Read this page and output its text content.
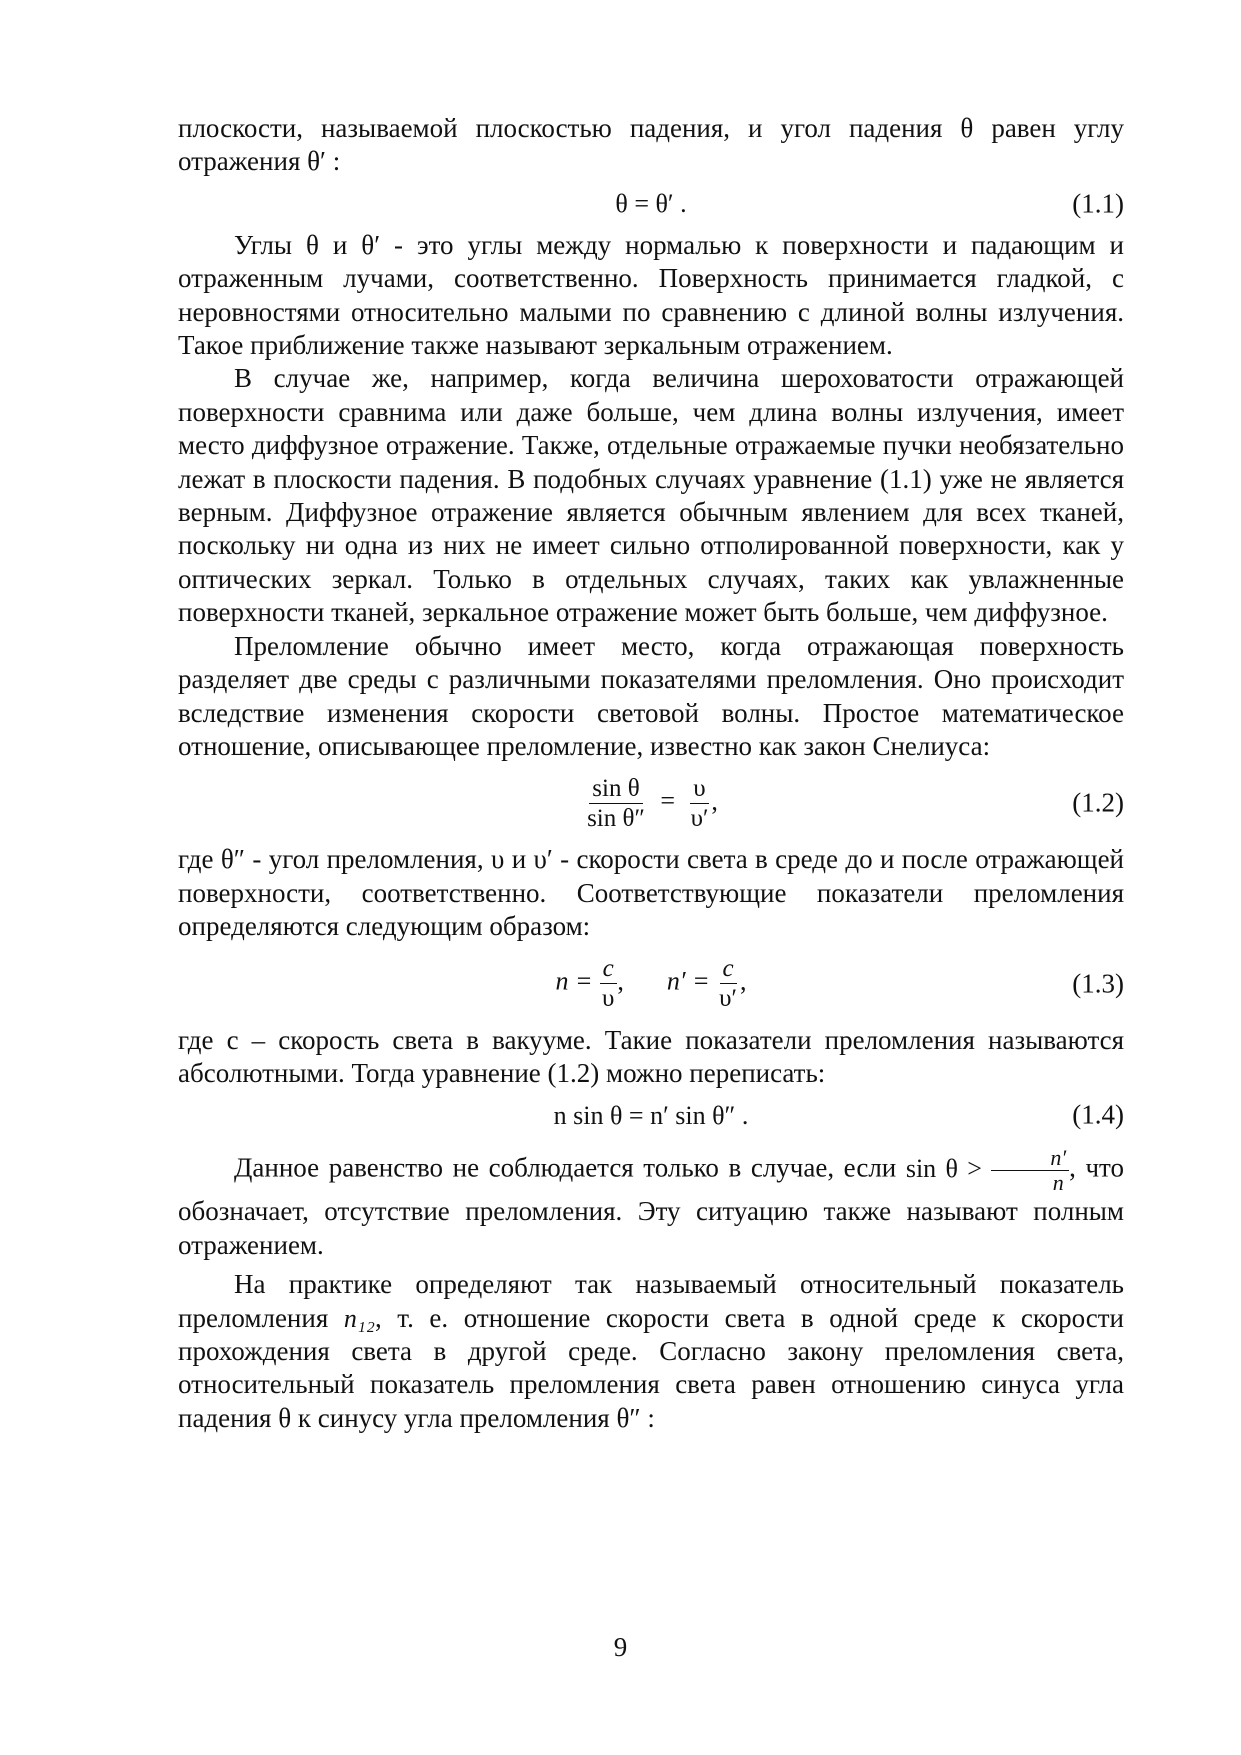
плоскости, называемой плоскостью падения, и угол падения θ равен углу отражения θ′ :

θ = θ′ .	(1.1)

Углы θ и θ′ - это углы между нормалью к поверхности и падающим и отраженным лучами, соответственно. Поверхность принимается гладкой, с неровностями относительно малыми по сравнению с длиной волны излучения. Такое приближение также называют зеркальным отражением.

В случае же, например, когда величина шероховатости отражающей поверхности сравнима или даже больше, чем длина волны излучения, имеет место диффузное отражение. Также, отдельные отражаемые пучки необязательно лежат в плоскости падения. В подобных случаях уравнение (1.1) уже не является верным. Диффузное отражение является обычным явлением для всех тканей, поскольку ни одна из них не имеет сильно отполированной поверхности, как у оптических зеркал. Только в отдельных случаях, таких как увлажненные поверхности тканей, зеркальное отражение может быть больше, чем диффузное.

Преломление обычно имеет место, когда отражающая поверхность разделяет две среды с различными показателями преломления. Оно происходит вследствие изменения скорости световой волны. Простое математическое отношение, описывающее преломление, известно как закон Снелиуса:

$\frac{\text{sin θ}}{\text{sin θ″}} = \frac{\upsilon}{\upsilon'}$ ,	(1.2)

где θ″ - угол преломления, υ и υ′ - скорости света в среде до и после отражающей поверхности, соответственно. Соответствующие показатели преломления определяются следующим образом:

$n = \frac{c}{\upsilon}$ , $n' = \frac{c}{\upsilon'}$ ,	(1.3)

где c – скорость света в вакууме. Такие показатели преломления называются абсолютными. Тогда уравнение (1.2) можно переписать:

n sin θ = n′ sin θ″ .	(1.4)

Данное равенство не соблюдается только в случае, если $\sin \theta > \frac{n'}{n}$ , что обозначает, отсутствие преломления. Эту ситуацию также называют полным отражением.

На практике определяют так называемый относительный показатель преломления n₁₂, т. е. отношение скорости света в одной среде к скорости прохождения света в другой среде. Согласно закону преломления света, относительный показатель преломления света равен отношению синуса угла падения θ к синусу угла преломления θ″ :

9
